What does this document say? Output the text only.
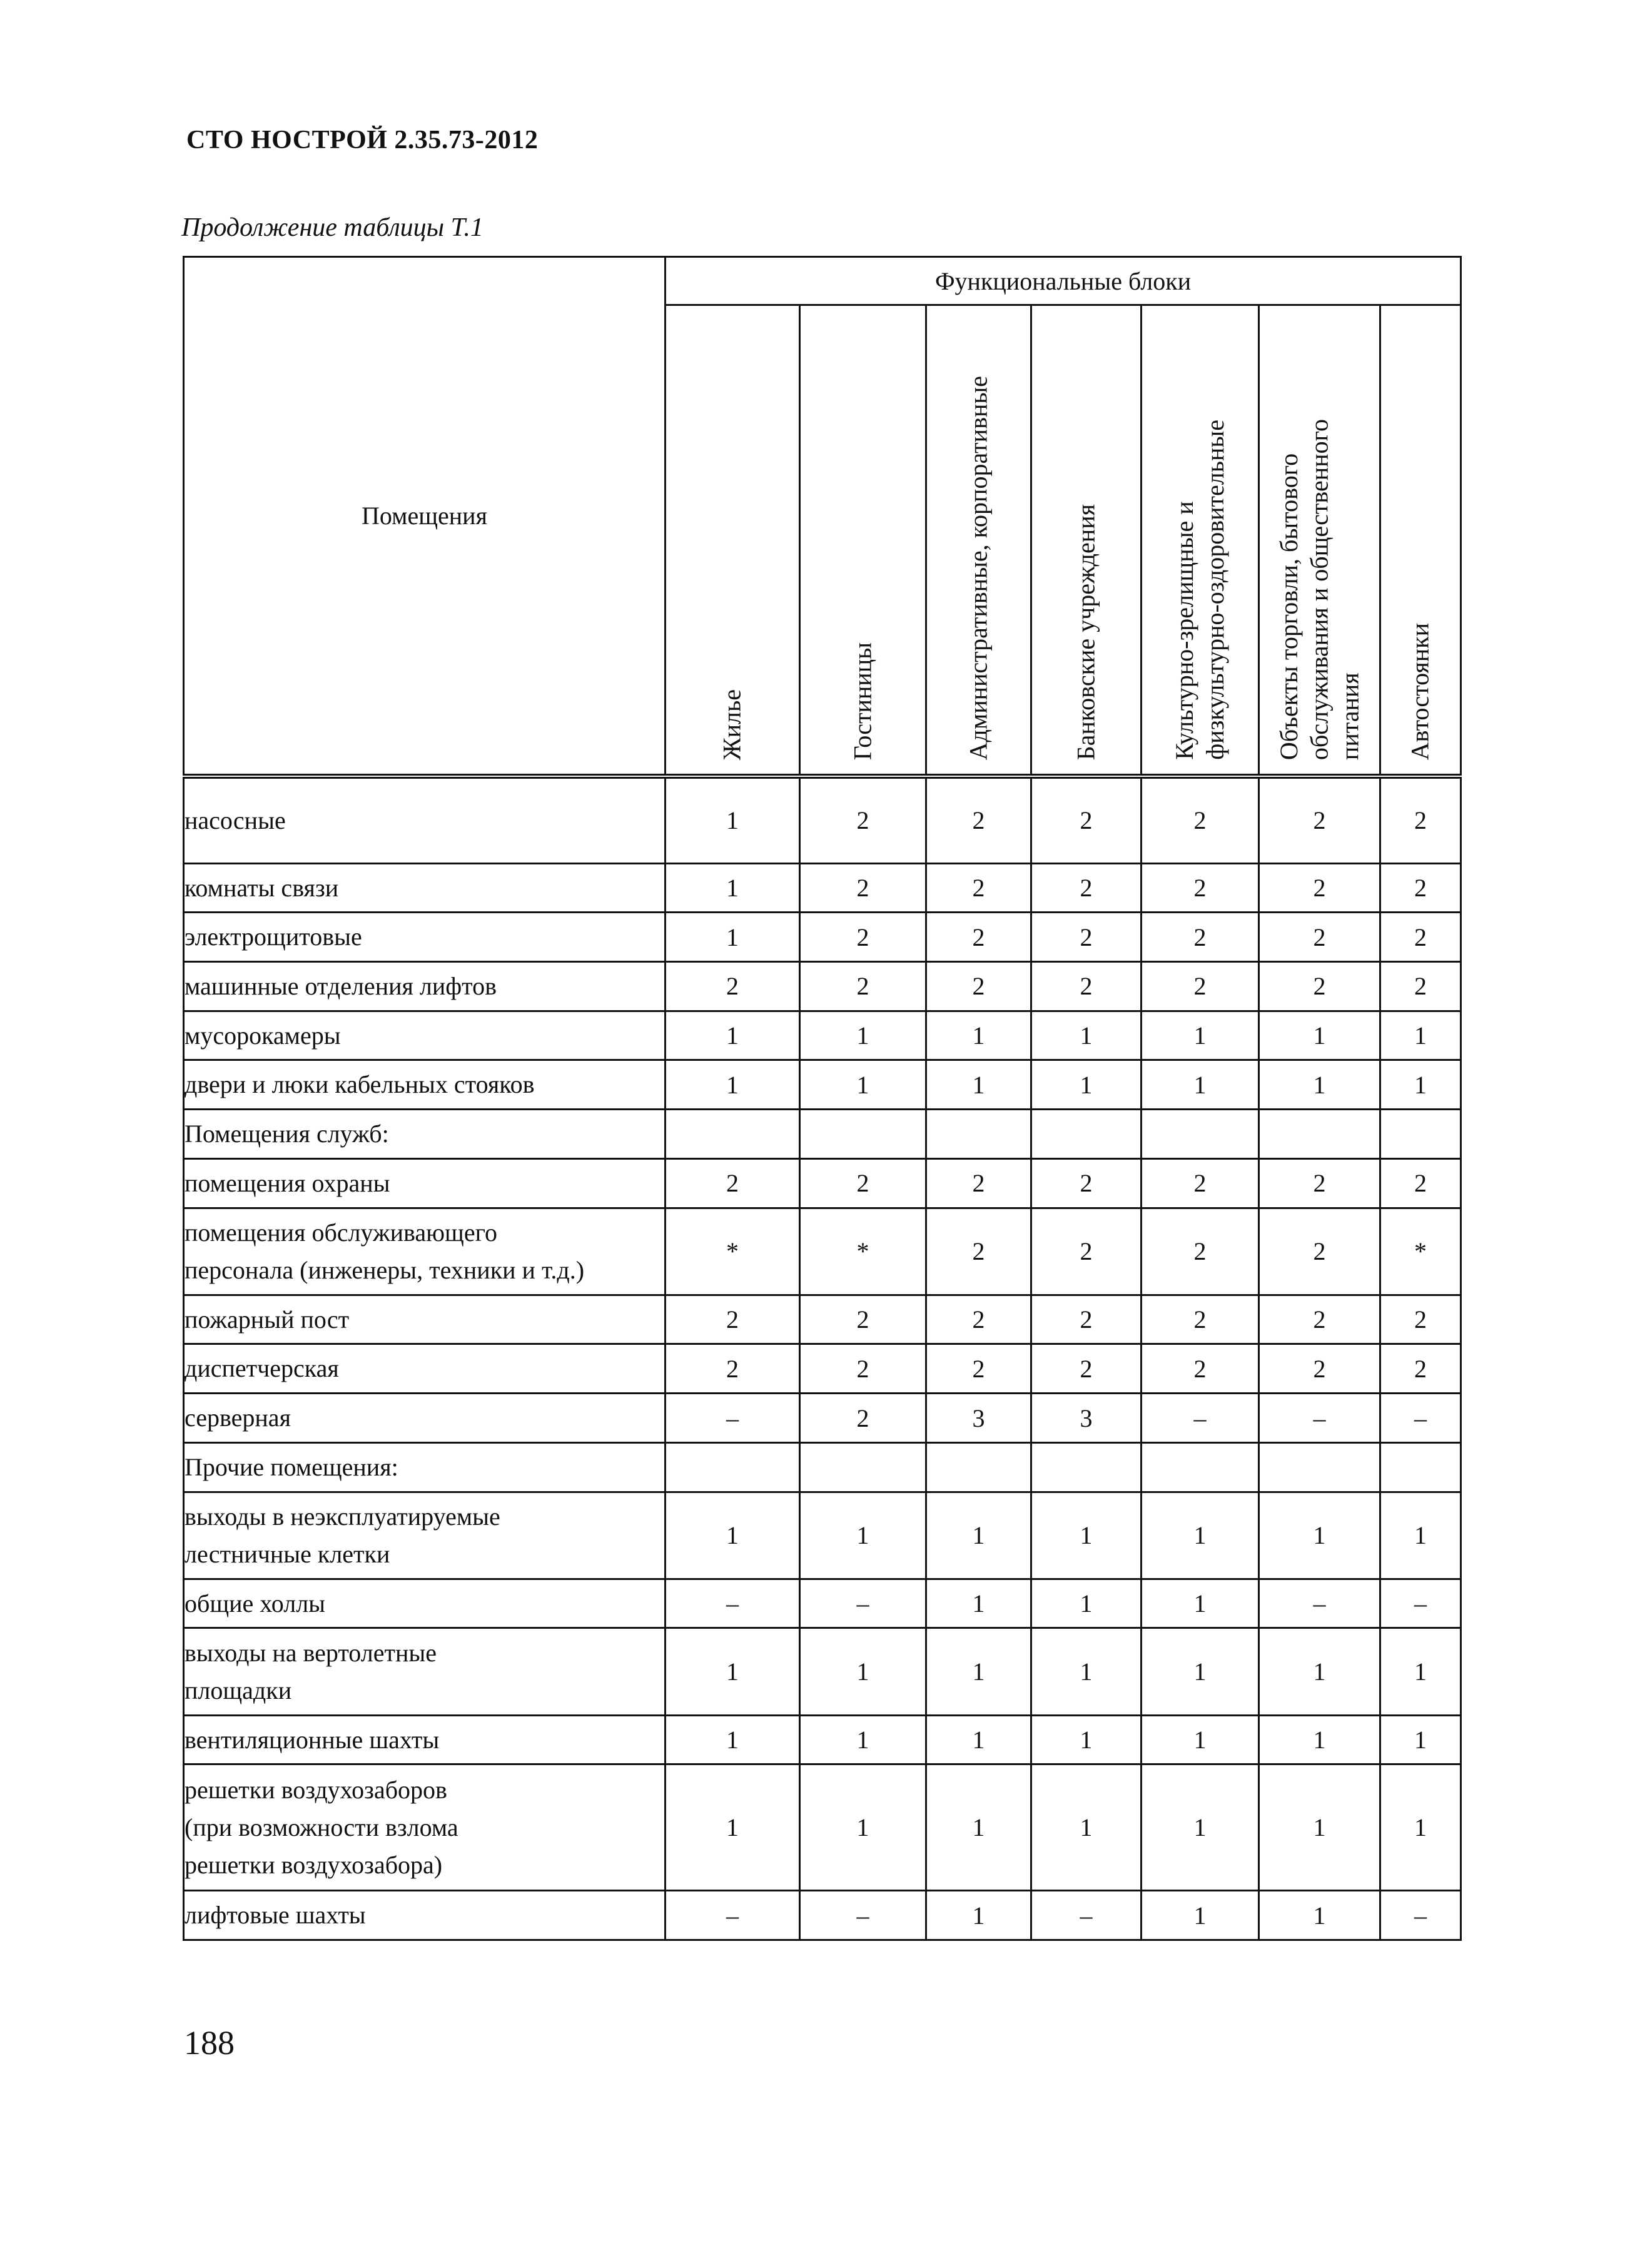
СТО НОСТРОЙ 2.35.73-2012
Продолжение таблицы Т.1
Помещения	Функциональные блоки						

	Жилье	Гостиницы	Административные, корпоративные	Банковские учреждения	Культурно-зрелищные и
физкультурно-оздоровительные	Объекты торговли, бытового
обслуживания и общественного
питания	Автостоянки

насосные	1	2	2	2	2	2	2
комнаты связи	1	2	2	2	2	2	2
электрощитовые	1	2	2	2	2	2	2
машинные отделения лифтов	2	2	2	2	2	2	2
мусорокамеры	1	1	1	1	1	1	1
двери и люки кабельных стояков	1	1	1	1	1	1	1
Помещения служб:							
помещения охраны	2	2	2	2	2	2	2
помещения обслуживающего
персонала (инженеры, техники и т.д.)	*	*	2	2	2	2	*
пожарный пост	2	2	2	2	2	2	2
диспетчерская	2	2	2	2	2	2	2
серверная	–	2	3	3	–	–	–
Прочие помещения:							
выходы в неэксплуатируемые
лестничные клетки	1	1	1	1	1	1	1
общие холлы	–	–	1	1	1	–	–
выходы на вертолетные
площадки	1	1	1	1	1	1	1
вентиляционные шахты	1	1	1	1	1	1	1
решетки воздухозаборов
(при возможности взлома
решетки воздухозабора)	1	1	1	1	1	1	1
лифтовые шахты	–	–	1	–	1	1	–
188
